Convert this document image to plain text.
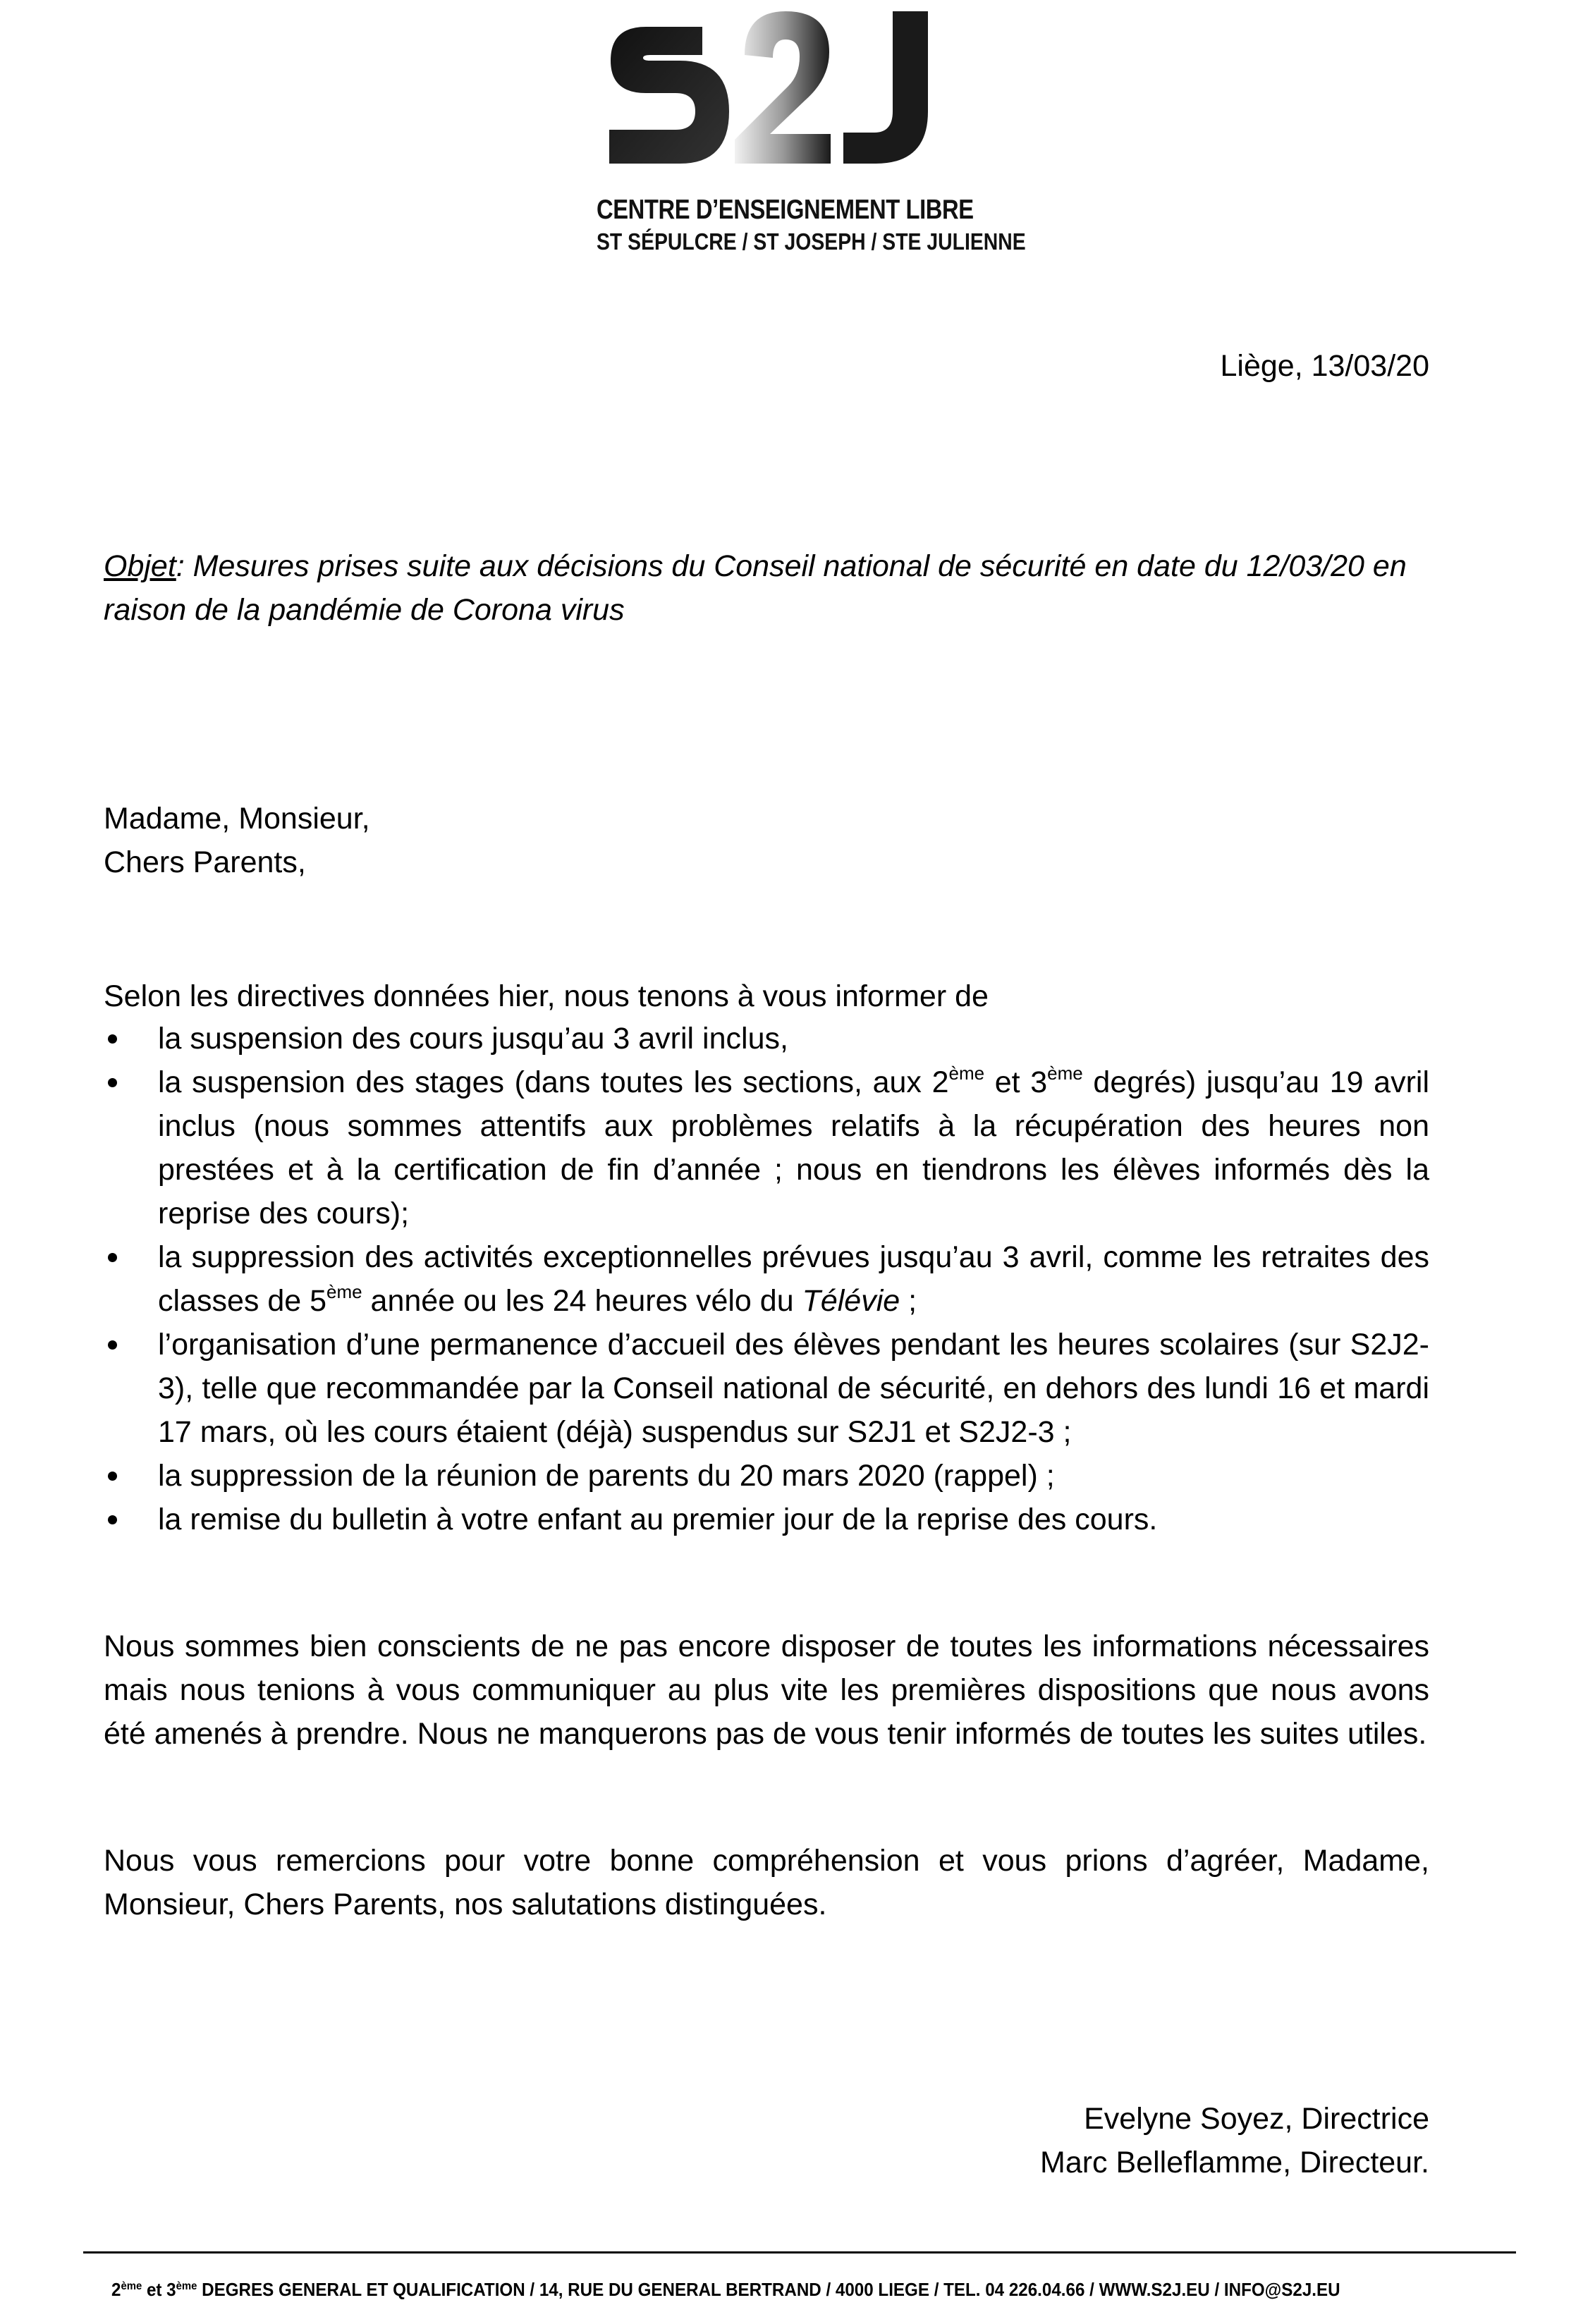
CENTRE D’ENSEIGNEMENT LIBRE
ST SÉPULCRE / ST JOSEPH / STE JULIENNE
Liège, 13/03/20
Objet: Mesures prises suite aux décisions du Conseil national de sécurité en date du 12/03/20 en raison de la pandémie de Corona virus
Madame, Monsieur,
Chers Parents,
Selon les directives données hier, nous tenons à vous informer de
la suspension des cours jusqu’au 3 avril inclus,
la suspension des stages (dans toutes les sections, aux 2ème et 3ème degrés) jusqu’au 19 avril inclus (nous sommes attentifs aux problèmes relatifs à la récupération des heures non prestées et à la certification de fin d’année ; nous en tiendrons les élèves informés dès la reprise des cours);
la suppression des activités exceptionnelles prévues jusqu’au 3 avril, comme les retraites des classes de 5ème année ou les 24 heures vélo du Télévie ;
l’organisation d’une permanence d’accueil des élèves pendant les heures scolaires (sur S2J2-3), telle que recommandée par la Conseil national de sécurité, en dehors des lundi 16 et mardi 17 mars, où les cours étaient (déjà) suspendus sur S2J1 et S2J2-3 ;
la suppression de la réunion de parents du 20 mars 2020 (rappel) ;
la remise du bulletin à votre enfant au premier jour de la reprise des cours.
Nous sommes bien conscients de ne pas encore disposer de toutes les informations nécessaires mais nous tenions à vous communiquer au plus vite les premières dispositions que nous avons été amenés à prendre. Nous ne manquerons pas de vous tenir informés de toutes les suites utiles.
Nous vous remercions pour votre bonne compréhension et vous prions d’agréer, Madame, Monsieur, Chers Parents, nos salutations distinguées.
Evelyne Soyez, Directrice
Marc Belleflamme, Directeur.
2ème et 3ème DEGRES GENERAL ET QUALIFICATION / 14, RUE DU GENERAL BERTRAND / 4000 LIEGE / TEL. 04 226.04.66 / WWW.S2J.EU / INFO@S2J.EU
